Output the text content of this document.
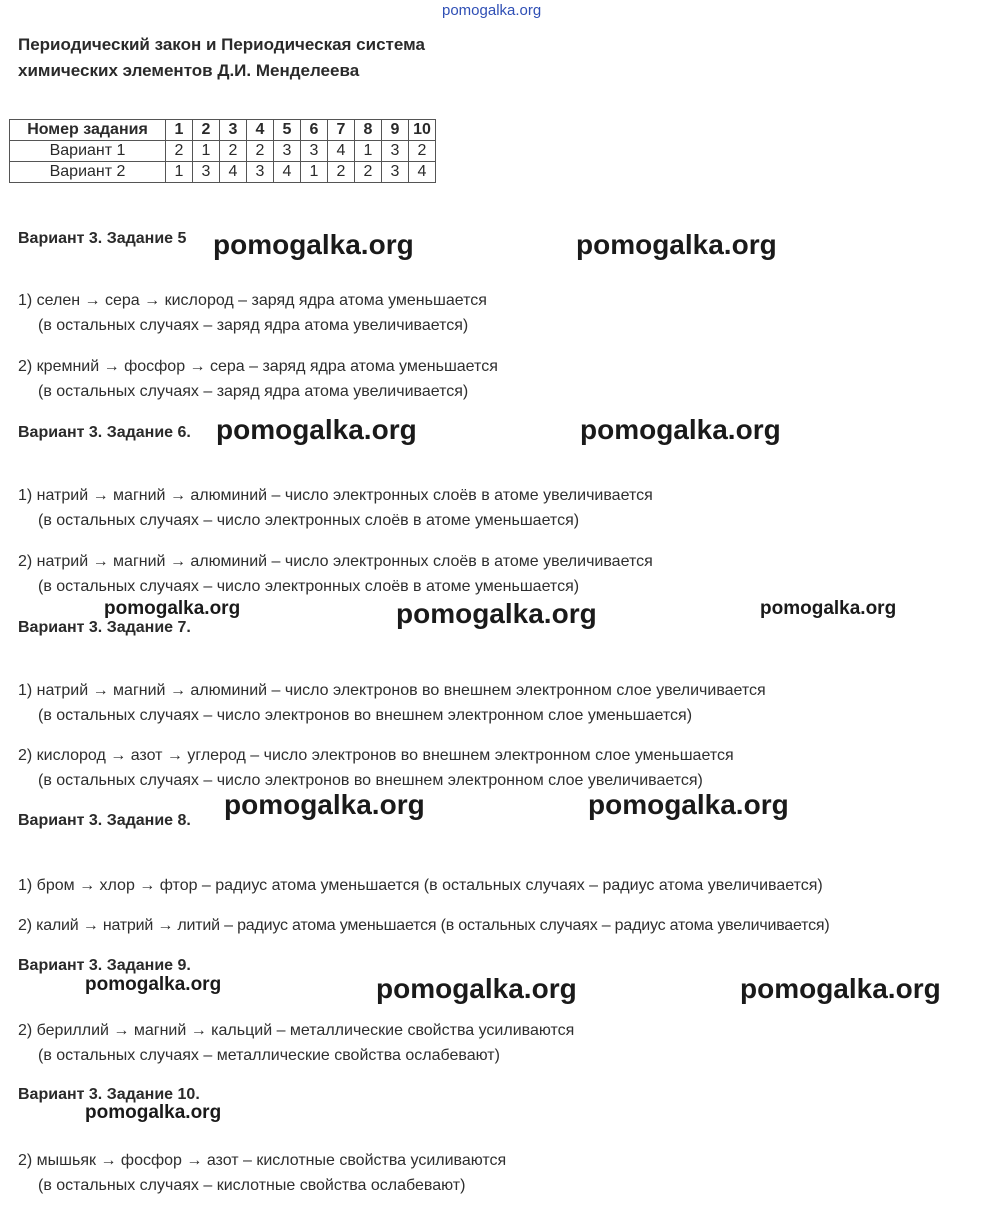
pomogalka.org
Периодический закон и Периодическая система
химических элементов Д.И. Менделеева
Номер задания	1	2	3	4	5	6	7	8	9	10
Вариант 1	2	1	2	2	3	3	4	1	3	2
Вариант 2	1	3	4	3	4	1	2	2	3	4
Вариант 3. Задание 5
1) селен → сера → кислород – заряд ядра атома уменьшается
(в остальных случаях – заряд ядра атома увеличивается)
2) кремний → фосфор → сера – заряд ядра атома уменьшается
(в остальных случаях – заряд ядра атома увеличивается)
Вариант 3. Задание 6.
1) натрий → магний → алюминий – число электронных слоёв в атоме увеличивается
(в остальных случаях – число электронных слоёв в атоме уменьшается)
2) натрий → магний → алюминий – число электронных слоёв в атоме увеличивается
(в остальных случаях – число электронных слоёв в атоме уменьшается)
Вариант 3. Задание 7.
1) натрий → магний → алюминий – число электронов во внешнем электронном слое увеличивается
(в остальных случаях – число электронов во внешнем электронном слое уменьшается)
2) кислород → азот → углерод – число электронов во внешнем электронном слое уменьшается
(в остальных случаях – число электронов во внешнем электронном слое увеличивается)
Вариант 3. Задание 8.
1) бром → хлор → фтор – радиус атома уменьшается (в остальных случаях – радиус атома увеличивается)
2) калий → натрий → литий – радиус атома уменьшается (в остальных случаях – радиус атома увеличивается)
Вариант 3. Задание 9.
2) бериллий → магний → кальций – металлические свойства усиливаются
(в остальных случаях – металлические свойства ослабевают)
Вариант 3. Задание 10.
2) мышьяк → фосфор → азот – кислотные свойства усиливаются
(в остальных случаях – кислотные свойства ослабевают)
pomogalka.org	pomogalka.org
pomogalka.org	pomogalka.org
pomogalka.org	pomogalka.org	pomogalka.org
pomogalka.org	pomogalka.org
pomogalka.org	pomogalka.org	pomogalka.org
pomogalka.org
